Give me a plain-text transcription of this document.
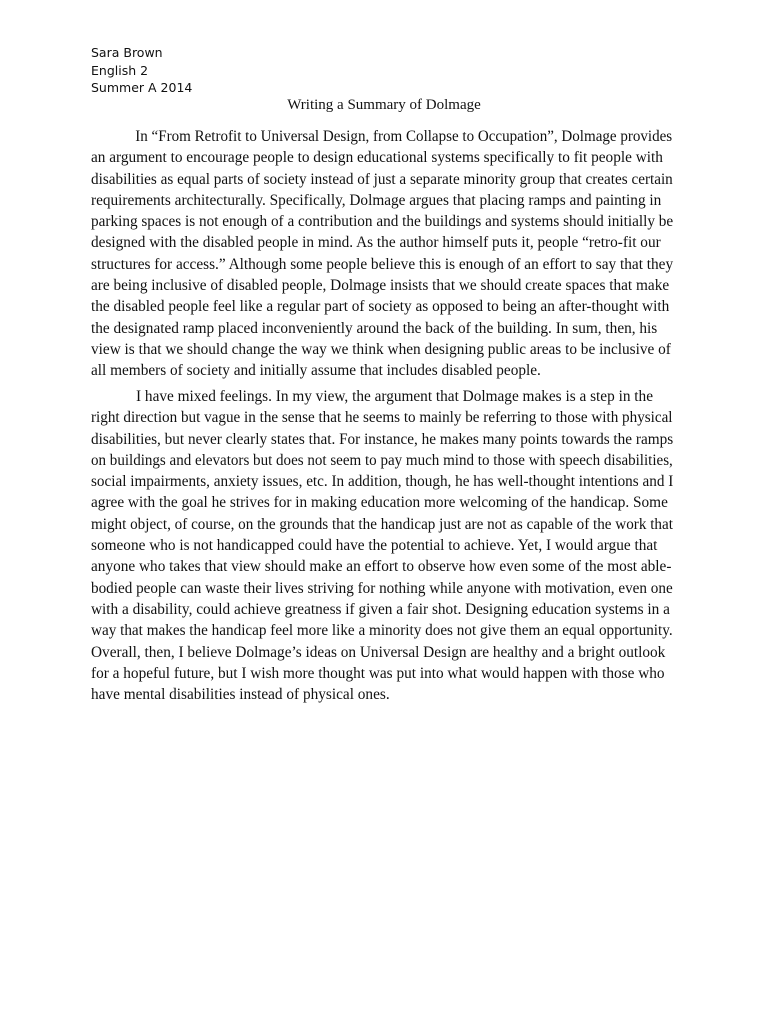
Sara Brown
English 2
Summer A 2014
Writing a Summary of Dolmage
In “From Retrofit to Universal Design, from Collapse to Occupation”, Dolmage provides
an argument to encourage people to design educational systems specifically to fit people with
disabilities as equal parts of society instead of just a separate minority group that creates certain
requirements architecturally. Specifically, Dolmage argues that placing ramps and painting in
parking spaces is not enough of a contribution and the buildings and systems should initially be
designed with the disabled people in mind. As the author himself puts it, people “retro-fit our
structures for access.” Although some people believe this is enough of an effort to say that they
are being inclusive of disabled people, Dolmage insists that we should create spaces that make
the disabled people feel like a regular part of society as opposed to being an after-thought with
the designated ramp placed inconveniently around the back of the building. In sum, then, his
view is that we should change the way we think when designing public areas to be inclusive of
all members of society and initially assume that includes disabled people.
I have mixed feelings. In my view, the argument that Dolmage makes is a step in the
right direction but vague in the sense that he seems to mainly be referring to those with physical
disabilities, but never clearly states that. For instance, he makes many points towards the ramps
on buildings and elevators but does not seem to pay much mind to those with speech disabilities,
social impairments, anxiety issues, etc. In addition, though, he has well-thought intentions and I
agree with the goal he strives for in making education more welcoming of the handicap. Some
might object, of course, on the grounds that the handicap just are not as capable of the work that
someone who is not handicapped could have the potential to achieve. Yet, I would argue that
anyone who takes that view should make an effort to observe how even some of the most able-
bodied people can waste their lives striving for nothing while anyone with motivation, even one
with a disability, could achieve greatness if given a fair shot. Designing education systems in a
way that makes the handicap feel more like a minority does not give them an equal opportunity.
Overall, then, I believe Dolmage’s ideas on Universal Design are healthy and a bright outlook
for a hopeful future, but I wish more thought was put into what would happen with those who
have mental disabilities instead of physical ones.
